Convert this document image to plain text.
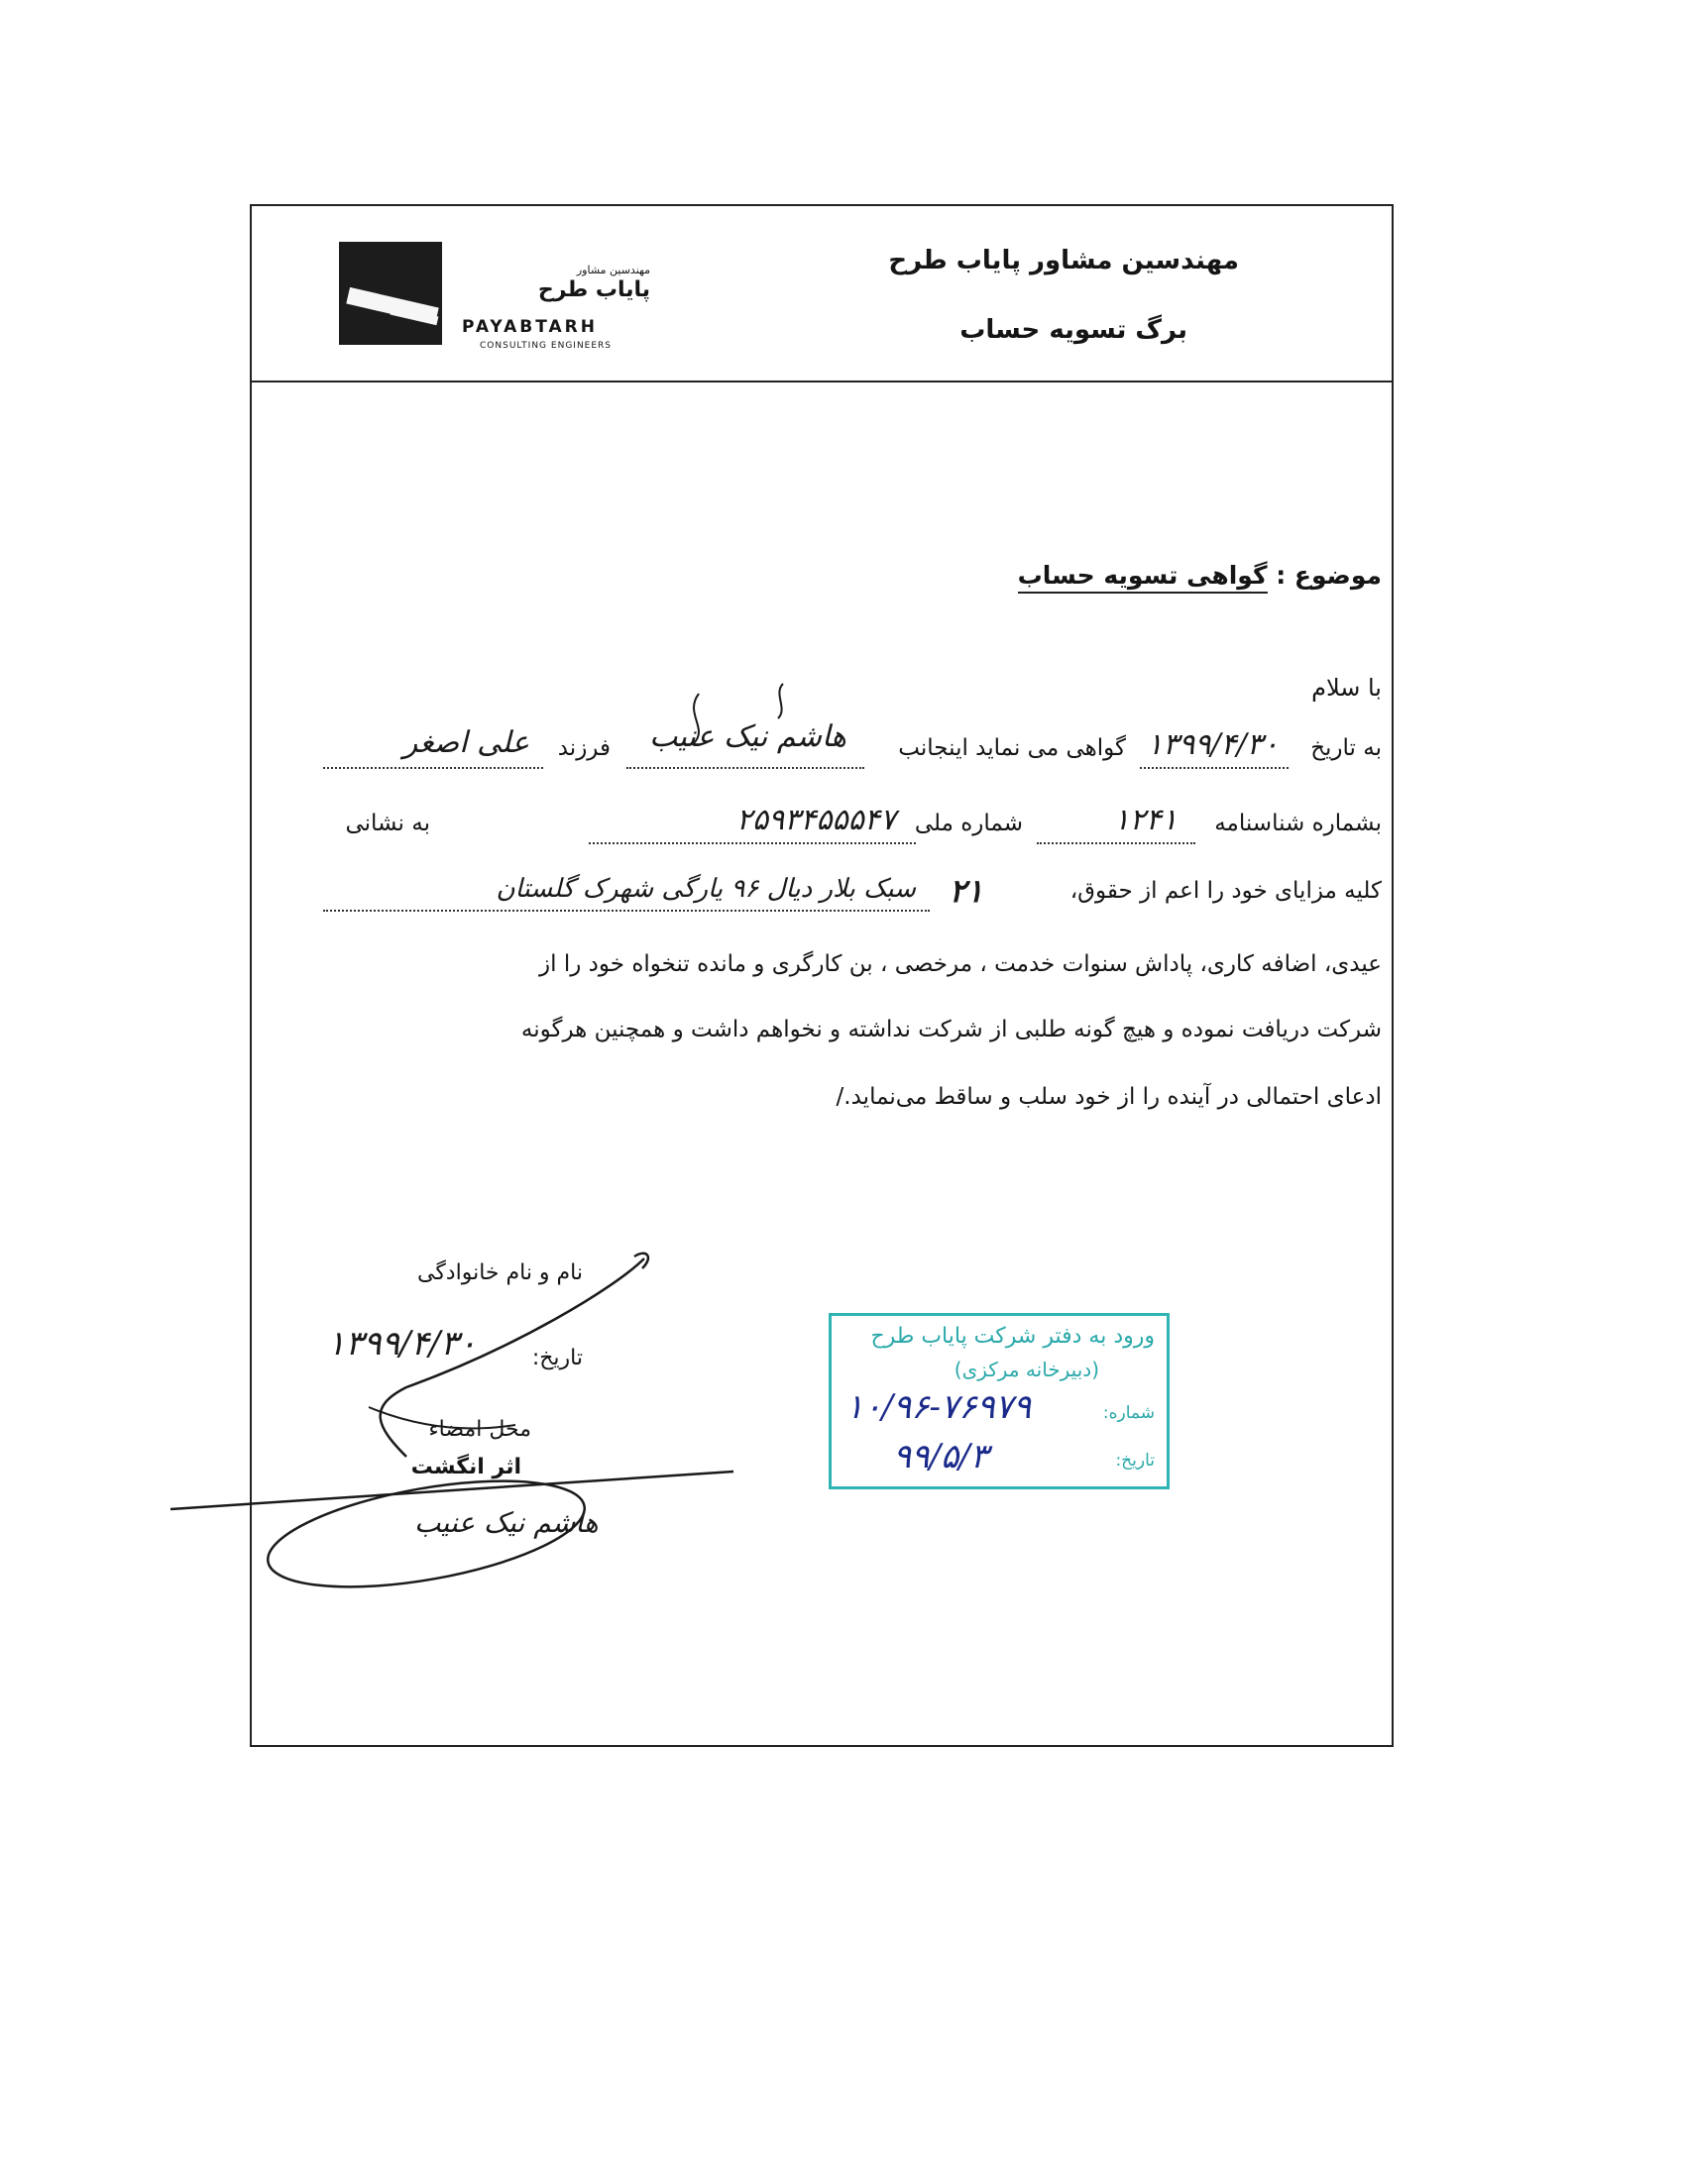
مهندسین مشاور
پایاب طرح
PAYABTARH
CONSULTING ENGINEERS
مهندسین مشاور پایاب طرح
برگ تسویه حساب
موضوع : گواهی تسویه حساب
با سلام
به تاریخ
۱۳۹۹/۴/۳۰
گواهی می نماید اینجانب
هاشم نیک عنیب
فرزند
علی اصغر
بشماره شناسنامه
۱۲۴۱
شماره ملی
۲۵۹۳۴۵۵۵۴۷
به نشانی
کلیه مزایای خود را اعم از حقوق،
۲۱
سبک بلار دیال ۹۶ یارگی شهرک گلستان
عیدی، اضافه کاری، پاداش سنوات خدمت ، مرخصی ، بن کارگری و مانده تنخواه خود را از
شرکت دریافت نموده و هیچ گونه طلبی از شرکت نداشته و نخواهم داشت و همچنین هرگونه
ادعای احتمالی در آینده را از خود سلب و ساقط می‌نماید./
نام و نام خانوادگی
تاریخ:
۱۳۹۹/۴/۳۰
محل امضاء
اثر انگشت
هاشم نیک عنیب
ورود به دفتر شرکت پایاب طرح
(دبیرخانه مرکزی)
شماره:
تاریخ:
۱۰/۹۶-۷۶۹۷۹
۹۹/۵/۳
